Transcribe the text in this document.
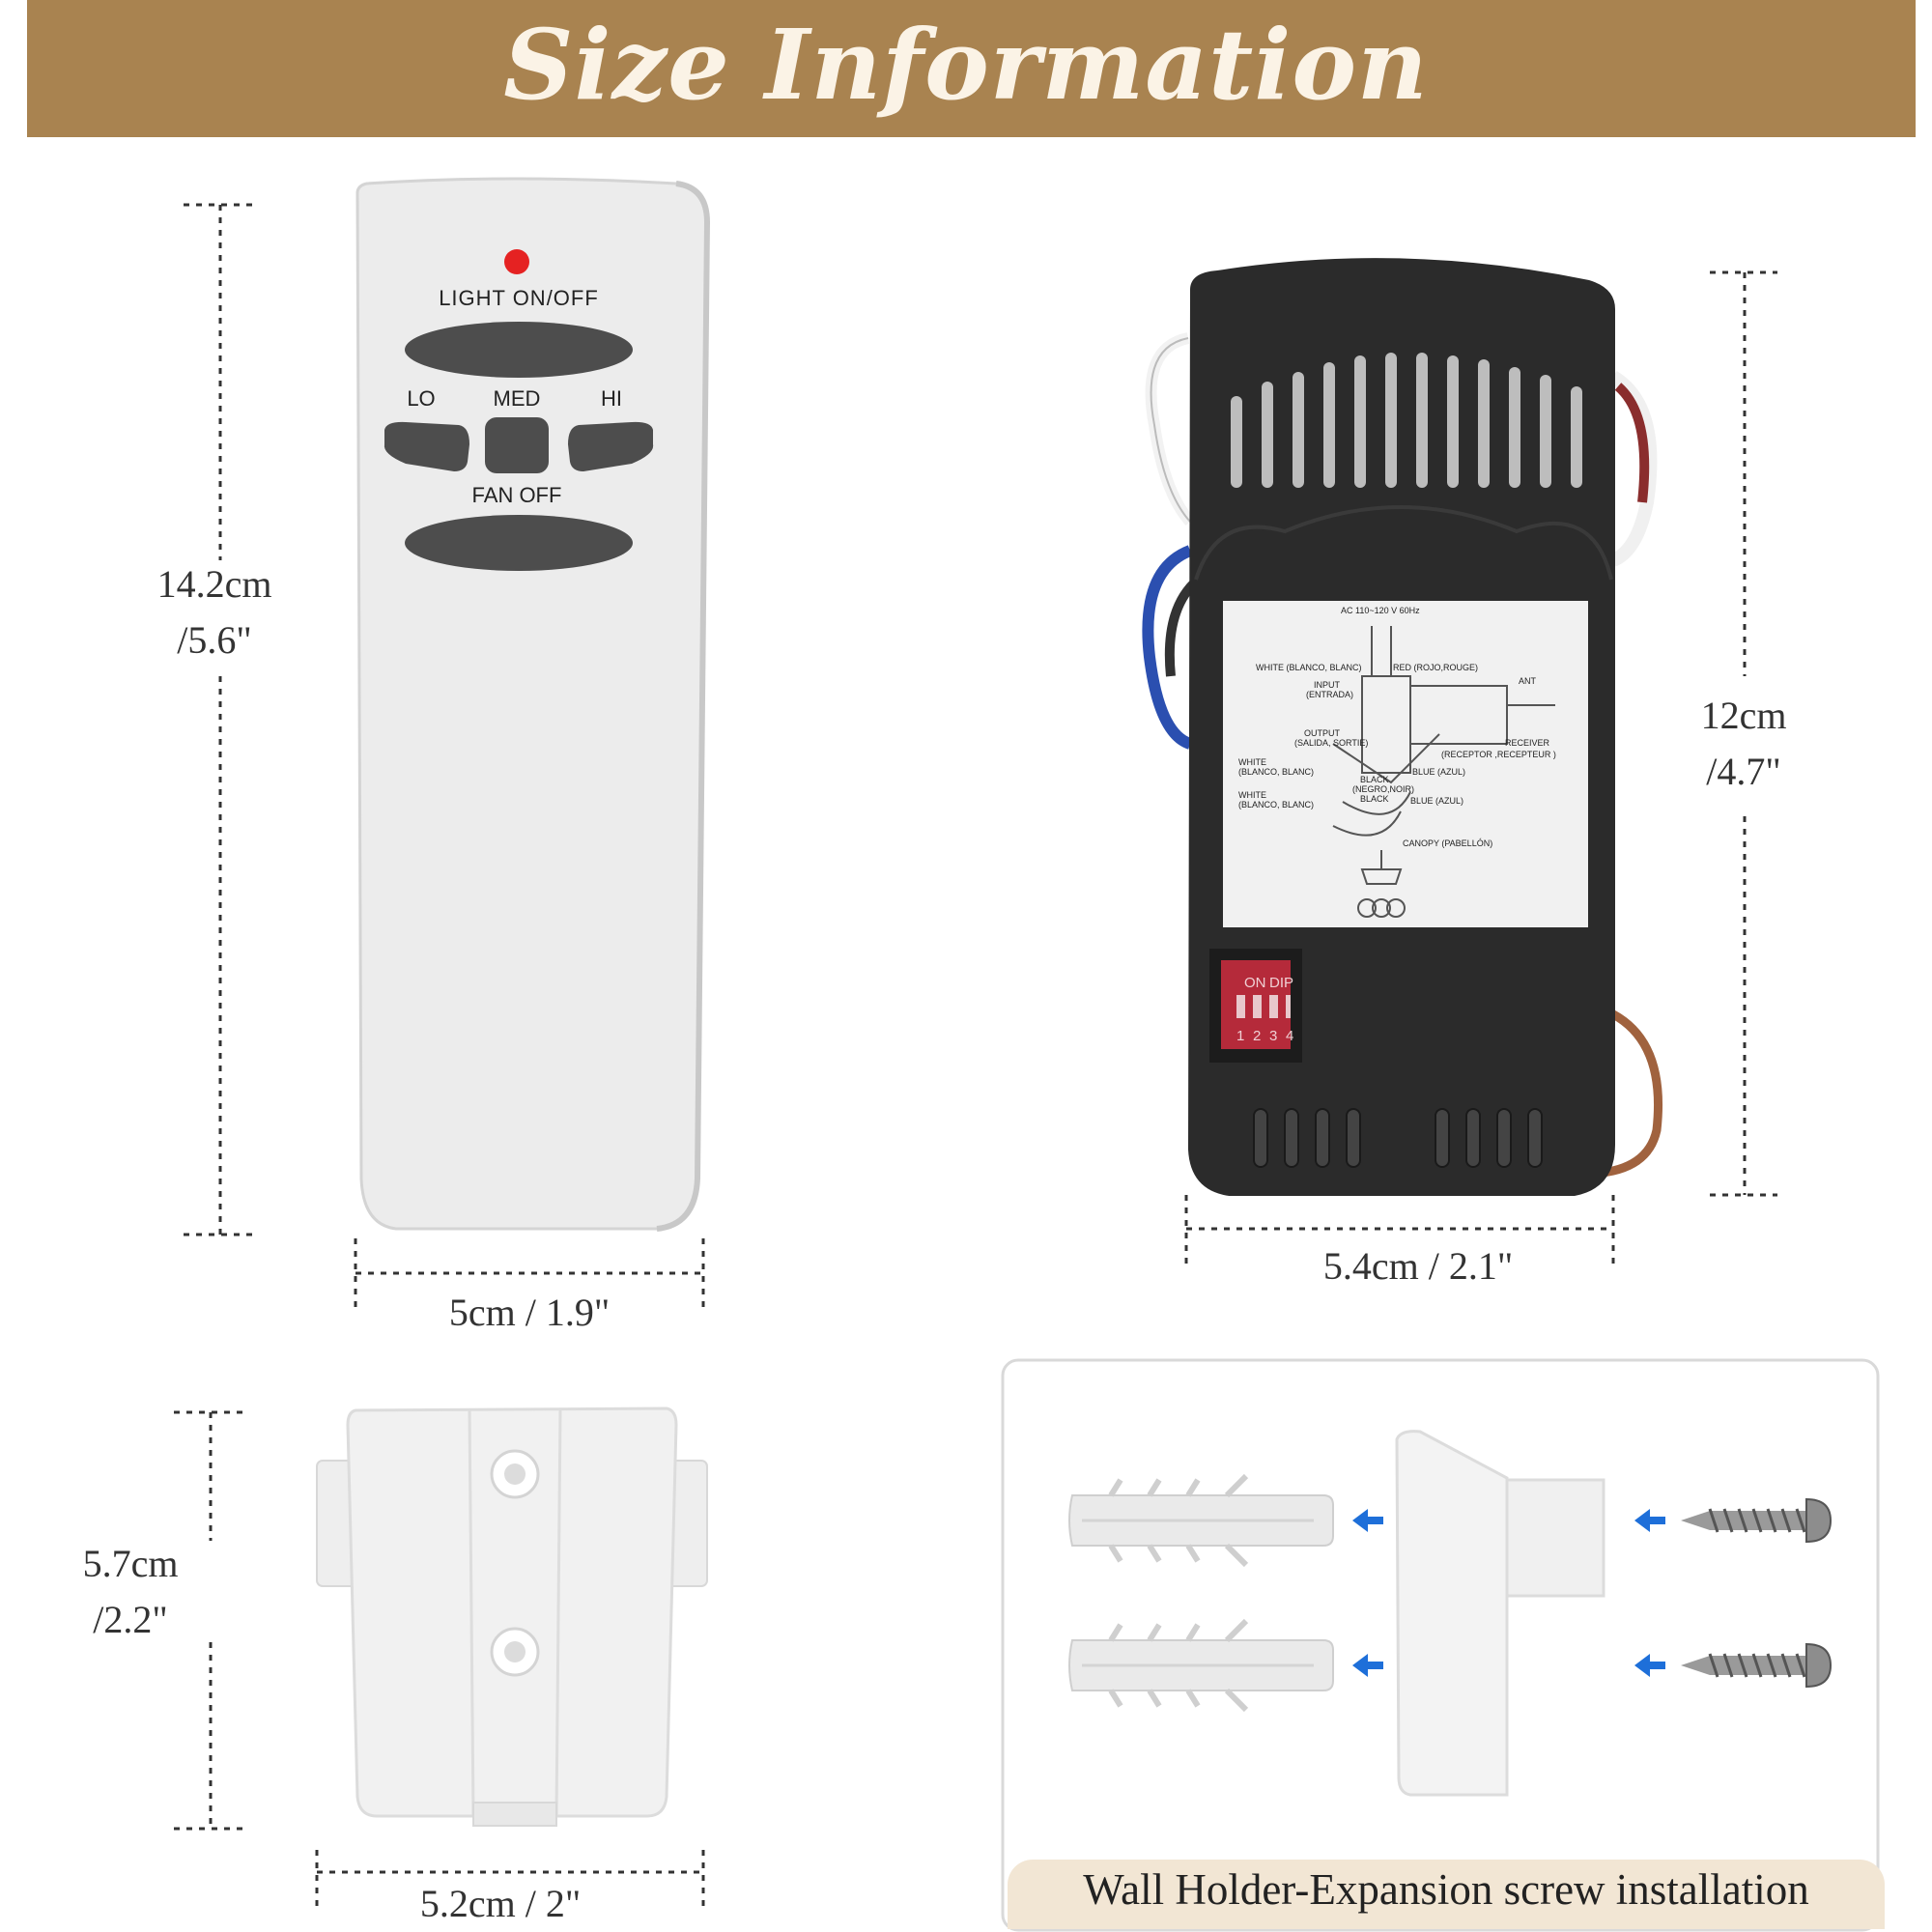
Size Information
LIGHT ON/OFF
LO	MED	HI
FAN OFF
AC 110~120 V 60Hz
WHITE (BLANCO, BLANC)	RED (ROJO,ROUGE)
INPUT
(ENTRADA)
ANT
OUTPUT
(SALIDA, SORTIE)	RECEIVER
(RECEPTOR ,RECEPTEUR )
WHITE
(BLANCO, BLANC)	BLUE (AZUL)
BLACK
(NEGRO,NOIR)
BLACK BLUE (AZUL)
WHITE
(BLANCO, BLANC)
CANOPY (PABELLÓN)
ON DIP
1 2 3 4
14.2cm
/5.6"
5cm / 1.9"
12cm
/4.7"
5.4cm / 2.1"
5.7cm
/2.2"
5.2cm / 2"	Wall Holder-Expansion screw installation
